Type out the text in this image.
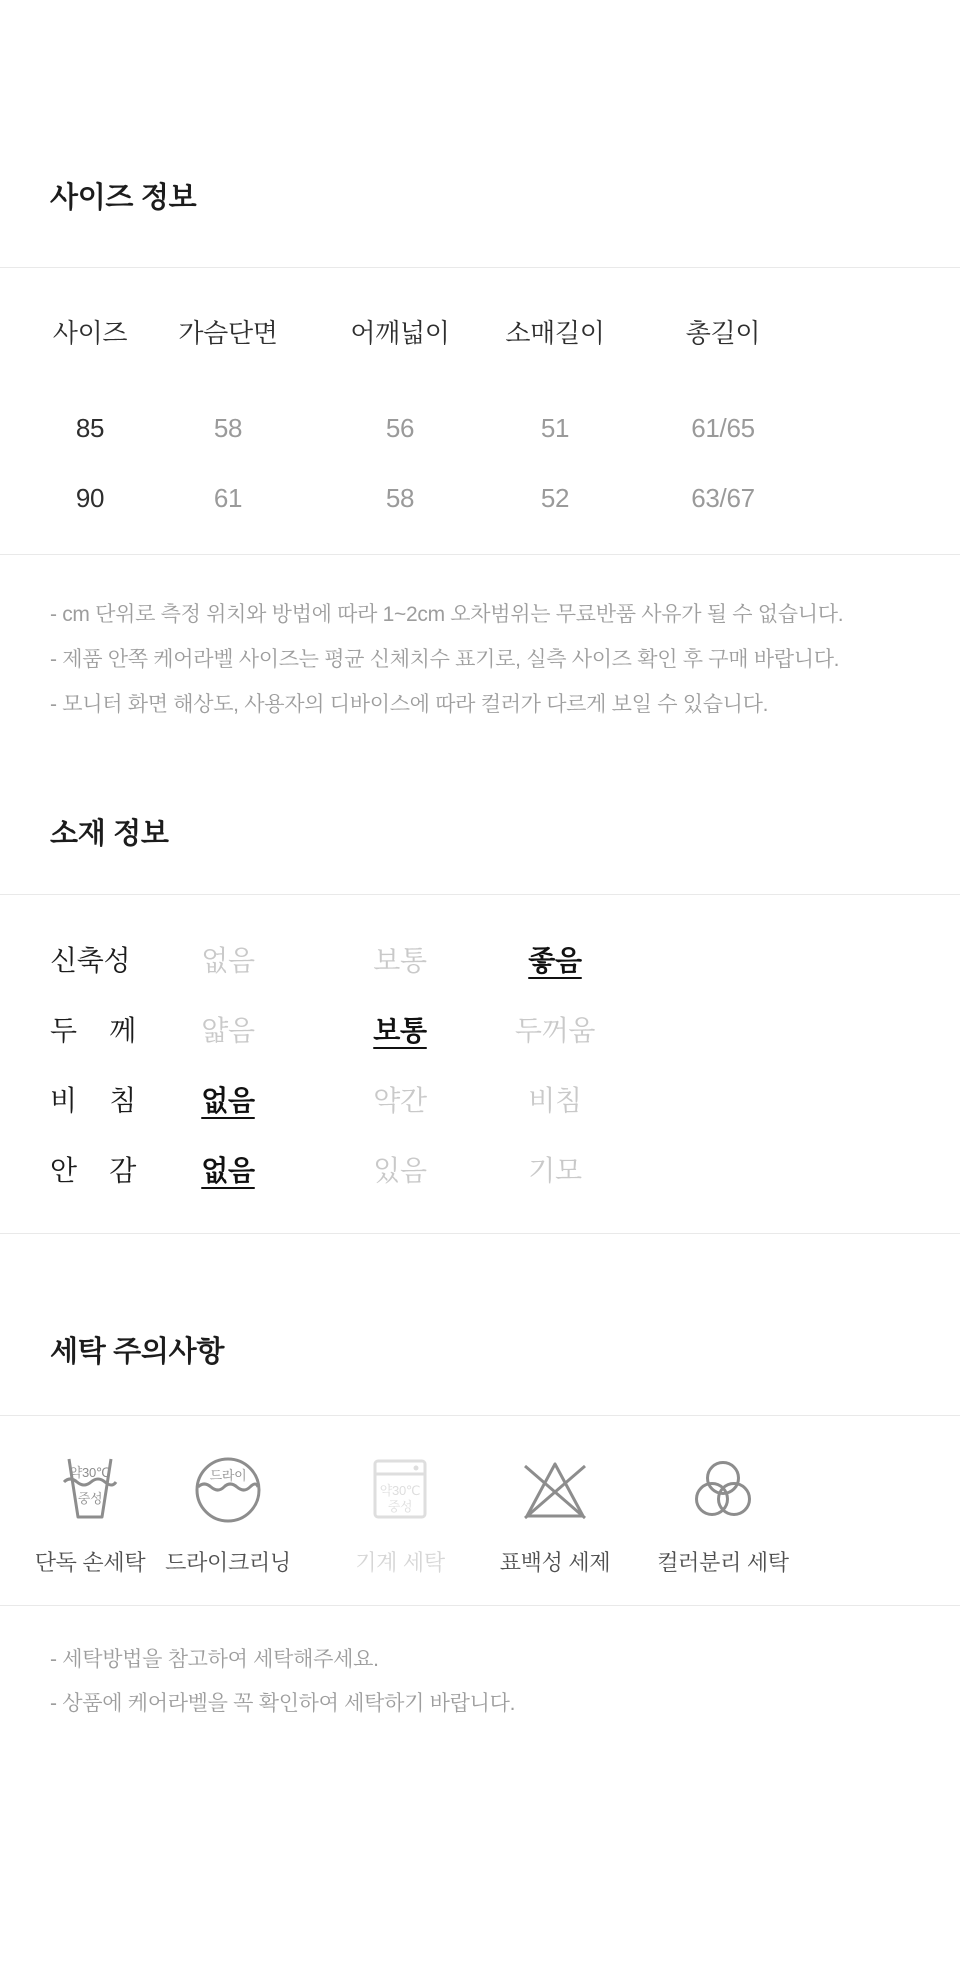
사이즈 정보
사이즈	가슴단면	어깨넓이	소매길이	총길이
85	58	56	51	61/65
90	61	58	52	63/67
- cm 단위로 측정 위치와 방법에 따라 1~2cm 오차범위는 무료반품 사유가 될 수 없습니다.
- 제품 안쪽 케어라벨 사이즈는 평균 신체치수 표기로, 실측 사이즈 확인 후 구매 바랍니다.
- 모니터 화면 해상도, 사용자의 디바이스에 따라 컬러가 다르게 보일 수 있습니다.
소재 정보
신축성	없음	보통	좋음
두 께	얇음	보통	두꺼움
비 침	없음	약간	비침
안 감	없음	있음	기모
세탁 주의사항
약30℃
중성
단독 손세탁
드라이
드라이크리닝
약30℃
중성
기계 세탁 표백성 세제 컬러분리 세탁
- 세탁방법을 참고하여 세탁해주세요.
- 상품에 케어라벨을 꼭 확인하여 세탁하기 바랍니다.
